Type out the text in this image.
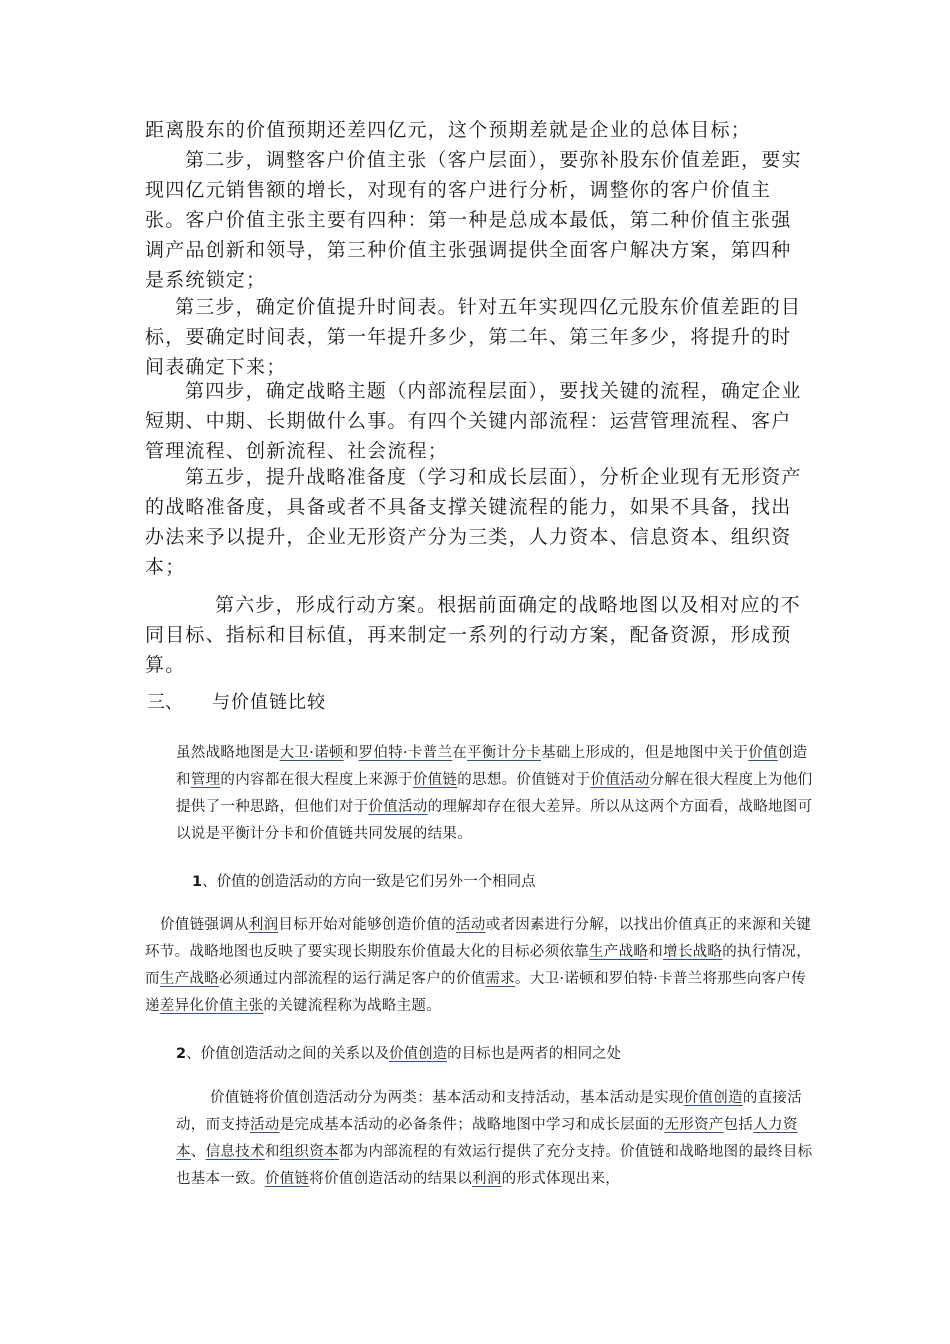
距离股东的价值预期还差四亿元，这个预期差就是企业的总体目标；

第二步，调整客户价值主张（客户层面），要弥补股东价值差距，要实现四亿元销售额的增长，对现有的客户进行分析，调整你的客户价值主张。客户价值主张主要有四种：第一种是总成本最低，第二种价值主张强调产品创新和领导，第三种价值主张强调提供全面客户解决方案，第四种是系统锁定；

第三步，确定价值提升时间表。针对五年实现四亿元股东价值差距的目标，要确定时间表，第一年提升多少，第二年、第三年多少，将提升的时间表确定下来；

第四步，确定战略主题（内部流程层面），要找关键的流程，确定企业短期、中期、长期做什么事。有四个关键内部流程：运营管理流程、客户管理流程、创新流程、社会流程；

第五步，提升战略准备度（学习和成长层面），分析企业现有无形资产的战略准备度，具备或者不具备支撑关键流程的能力，如果不具备，找出办法来予以提升，企业无形资产分为三类，人力资本、信息资本、组织资本；

第六步，形成行动方案。根据前面确定的战略地图以及相对应的不同目标、指标和目标值，再来制定一系列的行动方案，配备资源，形成预算。

三、 与价值链比较

虽然战略地图是大卫·诺顿和罗伯特·卡普兰在平衡计分卡基础上形成的，但是地图中关于价值创造和管理的内容都在很大程度上来源于价值链的思想。价值链对于价值活动分解在很大程度上为他们提供了一种思路，但他们对于价值活动的理解却存在很大差异。所以从这两个方面看，战略地图可以说是平衡计分卡和价值链共同发展的结果。

1、价值的创造活动的方向一致是它们另外一个相同点

价值链强调从利润目标开始对能够创造价值的活动或者因素进行分解，以找出价值真正的来源和关键环节。战略地图也反映了要实现长期股东价值最大化的目标必须依靠生产战略和增长战略的执行情况，而生产战略必须通过内部流程的运行满足客户的价值需求。大卫·诺顿和罗伯特·卡普兰将那些向客户传递差异化价值主张的关键流程称为战略主题。

2、价值创造活动之间的关系以及价值创造的目标也是两者的相同之处

价值链将价值创造活动分为两类：基本活动和支持活动，基本活动是实现价值创造的直接活动，而支持活动是完成基本活动的必备条件；战略地图中学习和成长层面的无形资产包括人力资本、信息技术和组织资本都为内部流程的有效运行提供了充分支持。价值链和战略地图的最终目标也基本一致。价值链将价值创造活动的结果以利润的形式体现出来，
